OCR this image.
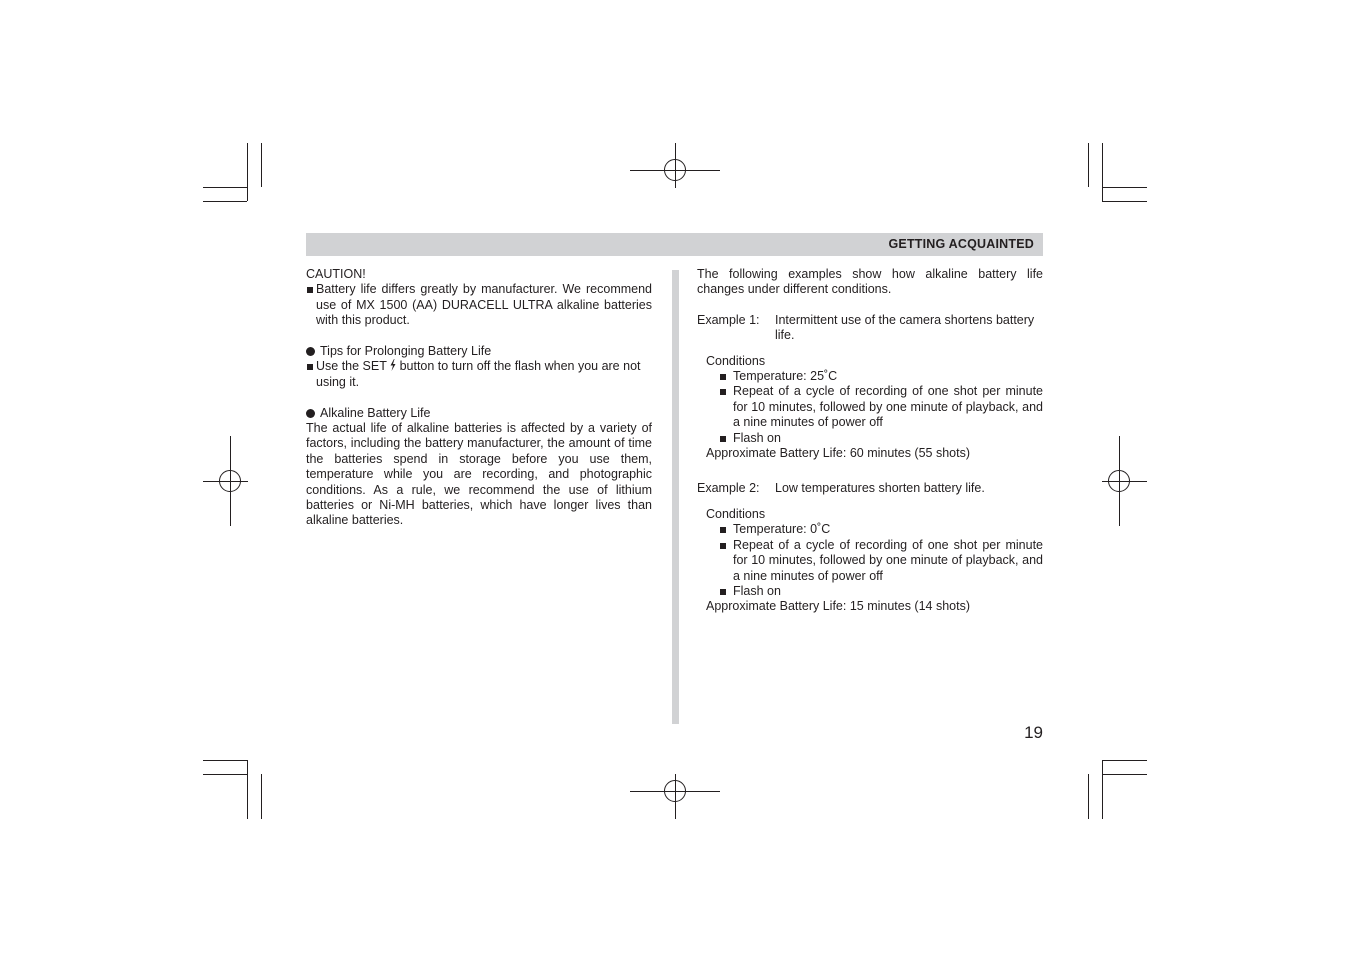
GETTING ACQUAINTED
CAUTION!
Battery life differs greatly by manufacturer. We recommend use of MX 1500 (AA) DURACELL ULTRA alkaline batteries with this product.
Tips for Prolonging Battery Life
Use the SET  button to turn off the flash when you are not using it.
Alkaline Battery Life
The actual life of alkaline batteries is affected by a variety of factors, including the battery manufacturer, the amount of time the batteries spend in storage before you use them, temperature while you are recording, and photographic conditions. As a rule, we recommend the use of lithium batteries or Ni-MH batteries, which have longer lives than alkaline batteries.
The following examples show how alkaline battery life changes under different conditions.
Example 1:	Intermittent use of the camera shortens battery life.
Conditions
Temperature: 25˚C
Repeat of a cycle of recording of one shot per minute for 10 minutes, followed by one minute of playback, and a nine minutes of power off
Flash on
Approximate Battery Life: 60 minutes (55 shots)
Example 2:	Low temperatures shorten battery life.
Conditions
Temperature: 0˚C
Repeat of a cycle of recording of one shot per minute for 10 minutes, followed by one minute of playback, and a nine minutes of power off
Flash on
Approximate Battery Life: 15 minutes (14 shots)
19
